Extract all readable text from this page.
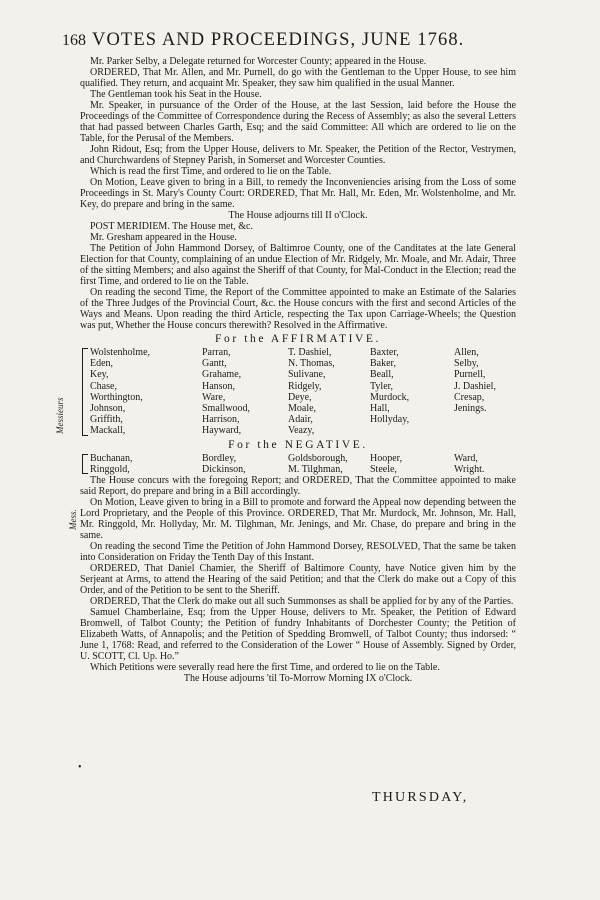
168 VOTES AND PROCEEDINGS, JUNE 1768.

Mr. Parker Selby, a Delegate returned for Worcester County; appeared in the House.

ORDERED, That Mr. Allen, and Mr. Purnell, do go with the Gentleman to the Upper House, to see him qualified. They return, and acquaint Mr. Speaker, they saw him qualified in the usual Manner.

The Gentleman took his Seat in the House.

Mr. Speaker, in pursuance of the Order of the House, at the last Session, laid before the House the Proceedings of the Committee of Correspondence during the Recess of Assembly; as also the several Letters that had passed between Charles Garth, Esq; and the said Committee: All which are ordered to lie on the Table, for the Perusal of the Members.

John Ridout, Esq; from the Upper House, delivers to Mr. Speaker, the Petition of the Rector, Vestrymen, and Churchwardens of Stepney Parish, in Somerset and Worcester Counties.

Which is read the first Time, and ordered to lie on the Table.

On Motion, Leave given to bring in a Bill, to remedy the Inconveniencies arising from the Loss of some Proceedings in St. Mary's County Court: ORDERED, That Mr. Hall, Mr. Eden, Mr. Wolstenholme, and Mr. Key, do prepare and bring in the same.

The House adjourns till II o'Clock.

POST MERIDIEM. The House met, &c.

Mr. Gresham appeared in the House.

The Petition of John Hammond Dorsey, of Baltimroe County, one of the Canditates at the late General Election for that County, complaining of an undue Election of Mr. Ridgely, Mr. Moale, and Mr. Adair, Three of the sitting Members; and also against the Sheriff of that County, for Mal-Conduct in the Election; read the first Time, and ordered to lie on the Table.

On reading the second Time, the Report of the Committee appointed to make an Estimate of the Salaries of the Three Judges of the Provincial Court, &c. the House concurs with the first and second Articles of the Ways and Means. Upon reading the third Article, respecting the Tax upon Carriage-Wheels; the Question was put, Whether the House concurs therewith? Resolved in the Affirmative.

For the AFFIRMATIVE.
Wolstenholme,	Parran,	T. Dashiel,	Baxter,	Allen,
Eden,	Gantt,	N. Thomas,	Baker,	Selby,
Key,	Grahame,	Sulivane,	Beall,	Purnell,
Chase,	Hanson,	Ridgely,	Tyler,	J. Dashiel,
Worthington,	Ware,	Deye,	Murdock,	Cresap,
Johnson,	Smallwood,	Moale,	Hall,	Jenings.
Griffith,	Harrison,	Adair,	Hollyday,
Mackall,	Hayward,	Veazy,
For the NEGATIVE.
Buchanan,	Bordley,	Goldsborough,	Hooper,	Ward,
Ringgold,	Dickinson,	M. Tilghman,	Steele,	Wright.

The House concurs with the foregoing Report; and ORDERED, That the Committee appointed to make said Report, do prepare and bring in a Bill accordingly.

On Motion, Leave given to bring in a Bill to promote and forward the Appeal now depending between the Lord Proprietary, and the People of this Province. ORDERED, That Mr. Murdock, Mr. Johnson, Mr. Hall, Mr. Ringgold, Mr. Hollyday, Mr. M. Tilghman, Mr. Jenings, and Mr. Chase, do prepare and bring in the same.

On reading the second Time the Petition of John Hammond Dorsey, RESOLVED, That the same be taken into Consideration on Friday the Tenth Day of this Instant.

ORDERED, That Daniel Chamier, the Sheriff of Baltimore County, have Notice given him by the Serjeant at Arms, to attend the Hearing of the said Petition; and that the Clerk do make out a Copy of this Order, and of the Petition to be sent to the Sheriff.

ORDERED, That the Clerk do make out all such Summonses as shall be applied for by any of the Parties.

Samuel Chamberlaine, Esq; from the Upper House, delivers to Mr. Speaker, the Petition of Edward Bromwell, of Talbot County; the Petition of fundry Inhabitants of Dorchester County; the Petition of Elizabeth Watts, of Annapolis; and the Petition of Spedding Bromwell, of Talbot County; thus indorsed: “ June 1, 1768: Read, and referred to the Consideration of the Lower “ House of Assembly. Signed by Order, U. SCOTT, Cl. Up. Ho.”

Which Petitions were severally read here the first Time, and ordered to lie on the Table.

The House adjourns 'til To-Morrow Morning IX o'Clock.

Messieurs
Mess.
•
THURSDAY,
